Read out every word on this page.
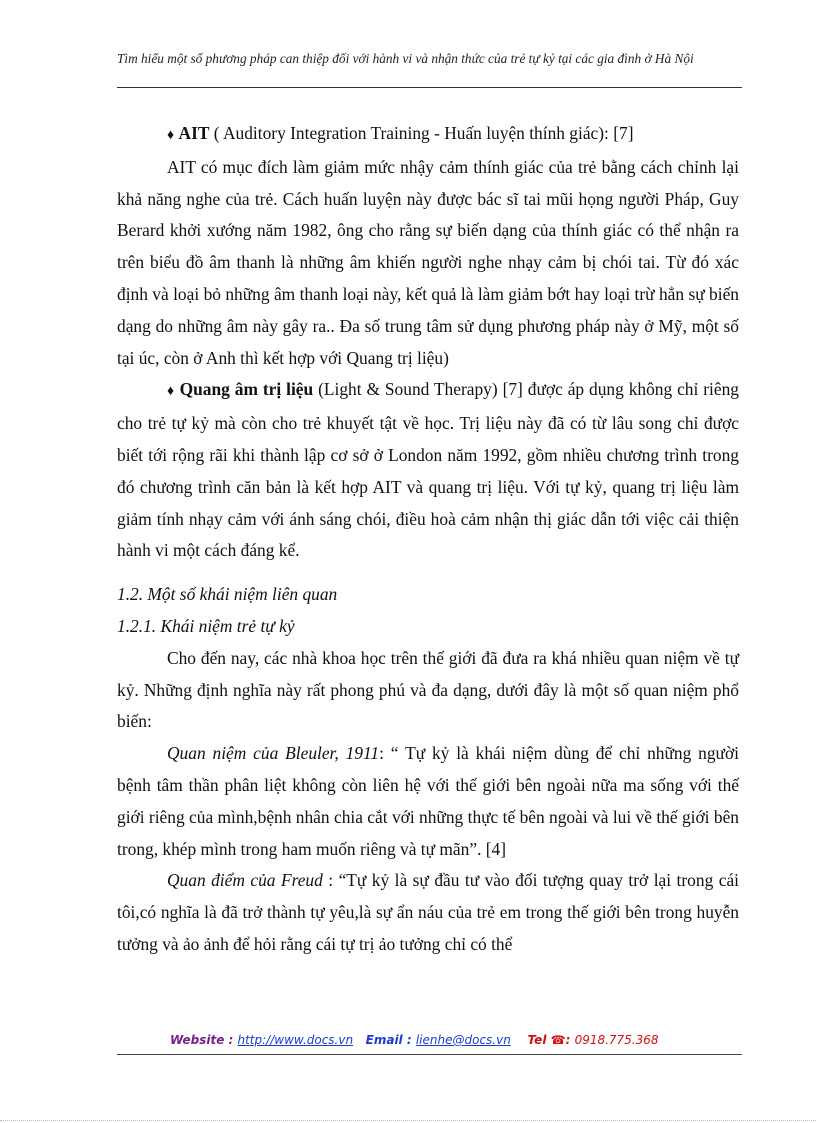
Tìm hiểu một số phương pháp can thiệp đối với hành vi và nhận thức của trẻ tự kỷ tại các gia đình ở Hà Nội

♦ AIT ( Auditory Integration Training - Huấn luyện thính giác): [7]

AIT có mục đích làm giảm mức nhậy cảm thính giác của trẻ bằng cách chỉnh lại khả năng nghe của trẻ. Cách huấn luyện này được bác sĩ tai mũi họng người Pháp, Guy Berard khởi xướng năm 1982, ông cho rằng sự biến dạng của thính giác có thể nhận ra trên biểu đồ âm thanh là những âm khiến người nghe nhạy cảm bị chói tai. Từ đó xác định và loại bỏ những âm thanh loại này, kết quả là làm giảm bớt hay loại trừ hẳn sự biến dạng do những âm này gây ra.. Đa số trung tâm sử dụng phương pháp này ở Mỹ, một số tại úc, còn ở Anh thì kết hợp với Quang trị liệu)

♦ Quang âm trị liệu (Light & Sound Therapy) [7] được áp dụng không chỉ riêng cho trẻ tự kỷ mà còn cho trẻ khuyết tật về học. Trị liệu này đã có từ lâu song chỉ được biết tới rộng rãi khi thành lập cơ sở ở London năm 1992, gồm nhiều chương trình trong đó chương trình căn bản là kết hợp AIT và quang trị liệu. Với tự kỷ, quang trị liệu làm giảm tính nhạy cảm với ánh sáng chói, điều hoà cảm nhận thị giác dẫn tới việc cải thiện hành vi một cách đáng kể.

1.2. Một số khái niệm liên quan

1.2.1. Khái niệm trẻ tự kỷ

Cho đến nay, các nhà khoa học trên thế giới đã đưa ra khá nhiều quan niệm về tự kỷ. Những định nghĩa này rất phong phú và đa dạng, dưới đây là một số quan niệm phổ biến:

Quan niệm của Bleuler, 1911: “ Tự kỷ là khái niệm dùng để chỉ những người bệnh tâm thần phân liệt không còn liên hệ với thế giới bên ngoài nữa ma sống với thế giới riêng của mình,bệnh nhân chia cắt với những thực tế bên ngoài và lui về thế giới bên trong, khép mình trong ham muốn riêng và tự mãn”. [4]

Quan điểm của Freud : “Tự kỷ là sự đầu tư vào đối tượng quay trở lại trong cái tôi,có nghĩa là đã trở thành tự yêu,là sự ẩn náu của trẻ em trong thế giới bên trong huyễn tưởng và ảo ảnh để hỏi rằng cái tự trị ảo tưởng chỉ có thể

Website : http://www.docs.vn Email : lienhe@docs.vn Tel ☎: 0918.775.368
